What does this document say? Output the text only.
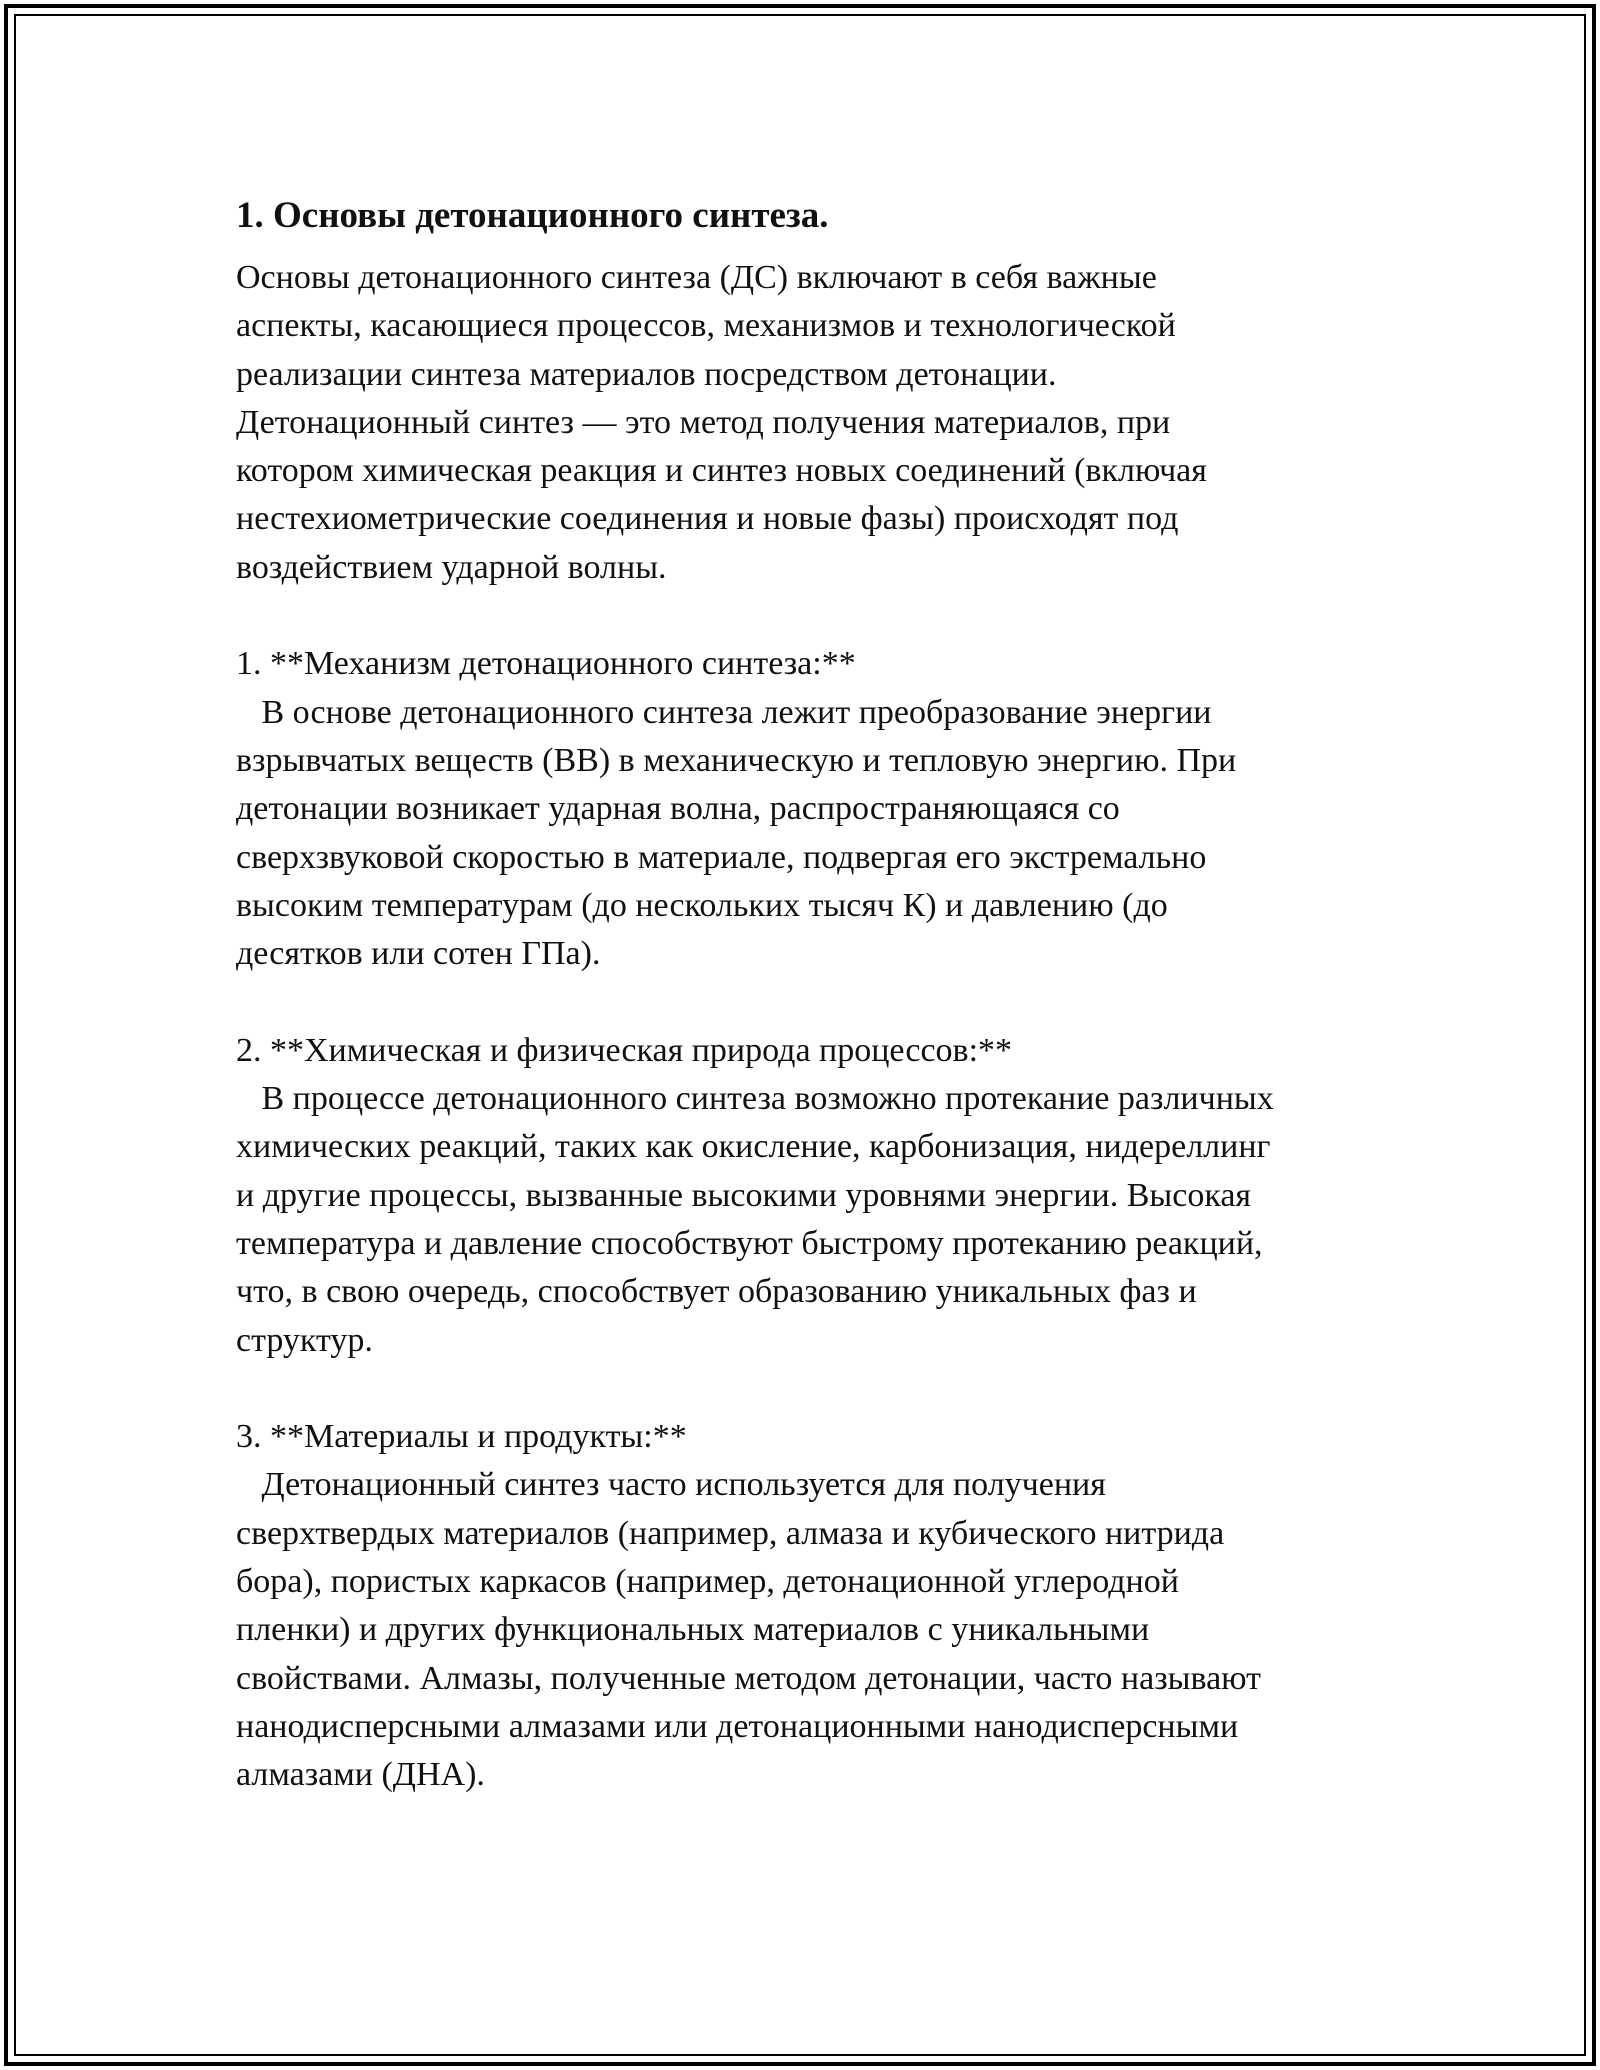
1. Основы детонационного синтеза.
Основы детонационного синтеза (ДС) включают в себя важные
аспекты, касающиеся процессов, механизмов и технологической
реализации синтеза материалов посредством детонации.
Детонационный синтез — это метод получения материалов, при
котором химическая реакция и синтез новых соединений (включая
нестехиометрические соединения и новые фазы) происходят под
воздействием ударной волны.
1. **Механизм детонационного синтеза:**
В основе детонационного синтеза лежит преобразование энергии
взрывчатых веществ (ВВ) в механическую и тепловую энергию. При
детонации возникает ударная волна, распространяющаяся со
сверхзвуковой скоростью в материале, подвергая его экстремально
высоким температурам (до нескольких тысяч К) и давлению (до
десятков или сотен ГПа).
2. **Химическая и физическая природа процессов:**
В процессе детонационного синтеза возможно протекание различных
химических реакций, таких как окисление, карбонизация, нидереллинг
и другие процессы, вызванные высокими уровнями энергии. Высокая
температура и давление способствуют быстрому протеканию реакций,
что, в свою очередь, способствует образованию уникальных фаз и
структур.
3. **Материалы и продукты:**
Детонационный синтез часто используется для получения
сверхтвердых материалов (например, алмаза и кубического нитрида
бора), пористых каркасов (например, детонационной углеродной
пленки) и других функциональных материалов с уникальными
свойствами. Алмазы, полученные методом детонации, часто называют
нанодисперсными алмазами или детонационными нанодисперсными
алмазами (ДНА).
